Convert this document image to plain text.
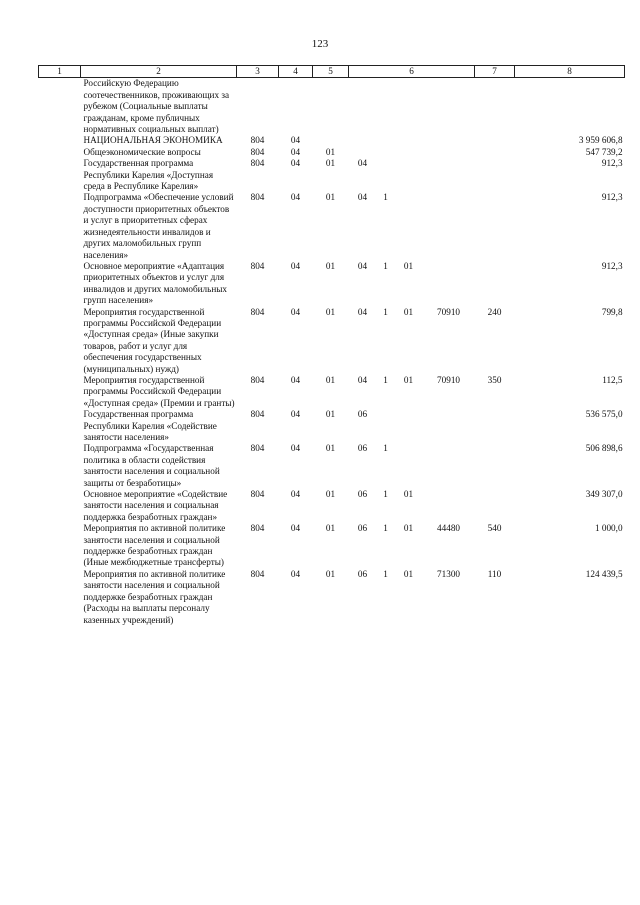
123
1	2	3	4	5	6				7	8
	Российскую Федерацию соотечественников, проживающих за рубежом (Социальные выплаты гражданам, кроме публичных нормативных социальных выплат)									
	НАЦИОНАЛЬНАЯ ЭКОНОМИКА	804	04							3 959 606,8
	Общеэкономические вопросы	804	04	01						547 739,2
	Государственная программа Республики Карелия «Доступная среда в Республике Карелия»	804	04	01	04					912,3
	Подпрограмма «Обеспечение условий доступности приоритетных объектов и услуг в приоритетных сферах жизнедеятельности инвалидов и других маломобильных групп населения»	804	04	01	04	1				912,3
	Основное мероприятие «Адаптация приоритетных объектов и услуг для инвалидов и других маломобильных групп населения»	804	04	01	04	1	01			912,3
	Мероприятия государственной программы Российской Федерации «Доступная среда» (Иные закупки товаров, работ и услуг для обеспечения государственных (муниципальных) нужд)	804	04	01	04	1	01	70910	240	799,8
	Мероприятия государственной программы Российской Федерации «Доступная среда» (Премии и гранты)	804	04	01	04	1	01	70910	350	112,5
	Государственная программа Республики Карелия «Содействие занятости населения»	804	04	01	06					536 575,0
	Подпрограмма «Государственная политика в области содействия занятости населения и социальной защиты от безработицы»	804	04	01	06	1				506 898,6
	Основное мероприятие «Содействие занятости населения и социальная поддержка безработных граждан»	804	04	01	06	1	01			349 307,0
	Мероприятия по активной политике занятости населения и социальной поддержке безработных граждан (Иные межбюджетные трансферты)	804	04	01	06	1	01	44480	540	1 000,0
	Мероприятия по активной политике занятости населения и социальной поддержке безработных граждан (Расходы на выплаты персоналу казенных учреждений)	804	04	01	06	1	01	71300	110	124 439,5
